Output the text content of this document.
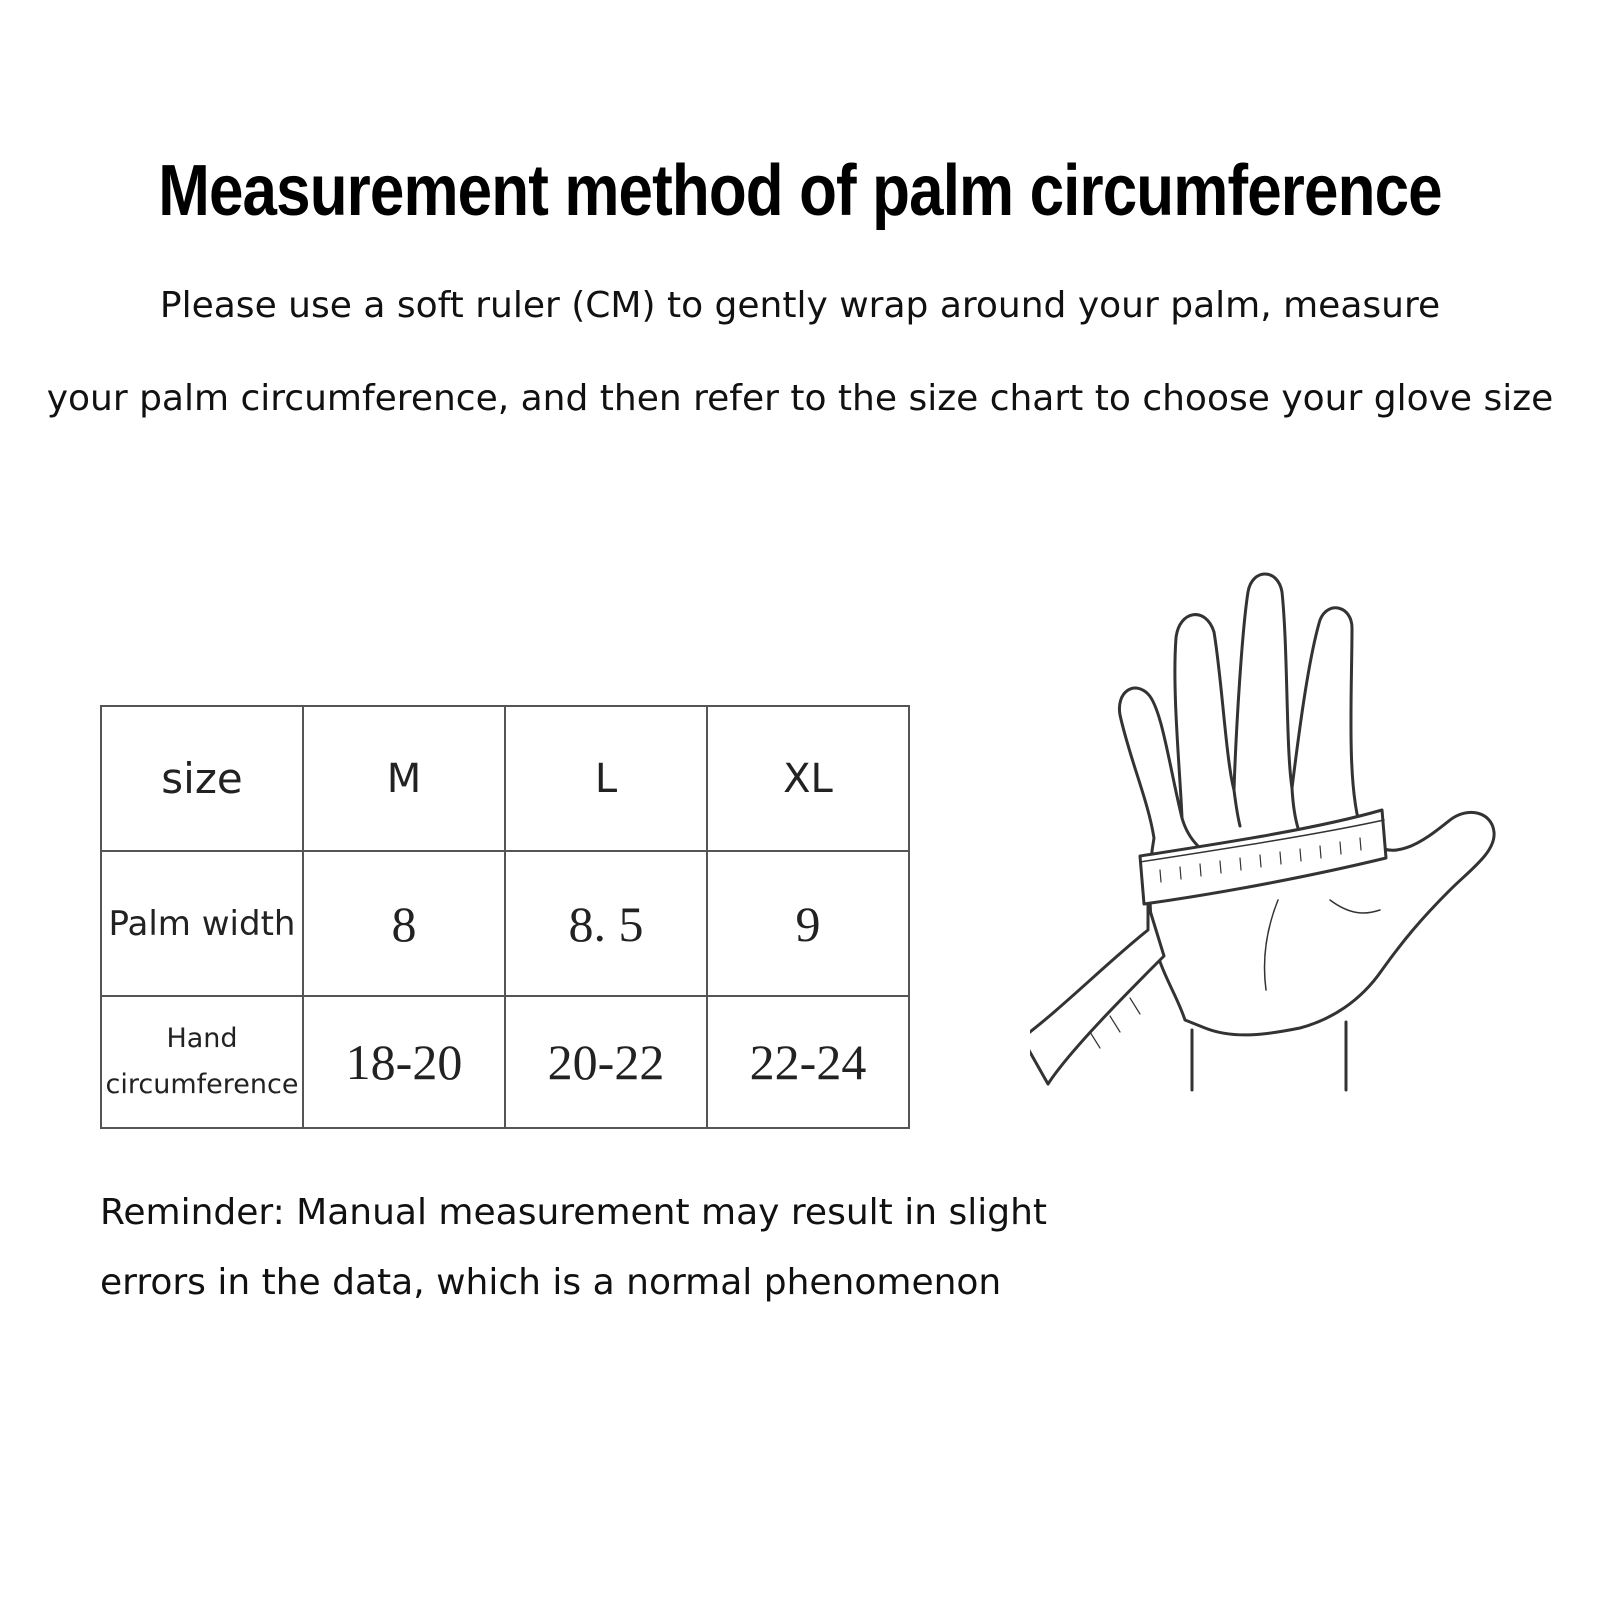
Measurement method of palm circumference
Please use a soft ruler (CM) to gently wrap around your palm, measure
your palm circumference, and then refer to the size chart to choose your glove size
size	M	L	XL
Palm width	8	8. 5	9

Hand
circumference	18-20	20-22	22-24
Reminder: Manual measurement may result in slight
errors in the data, which is a normal phenomenon
